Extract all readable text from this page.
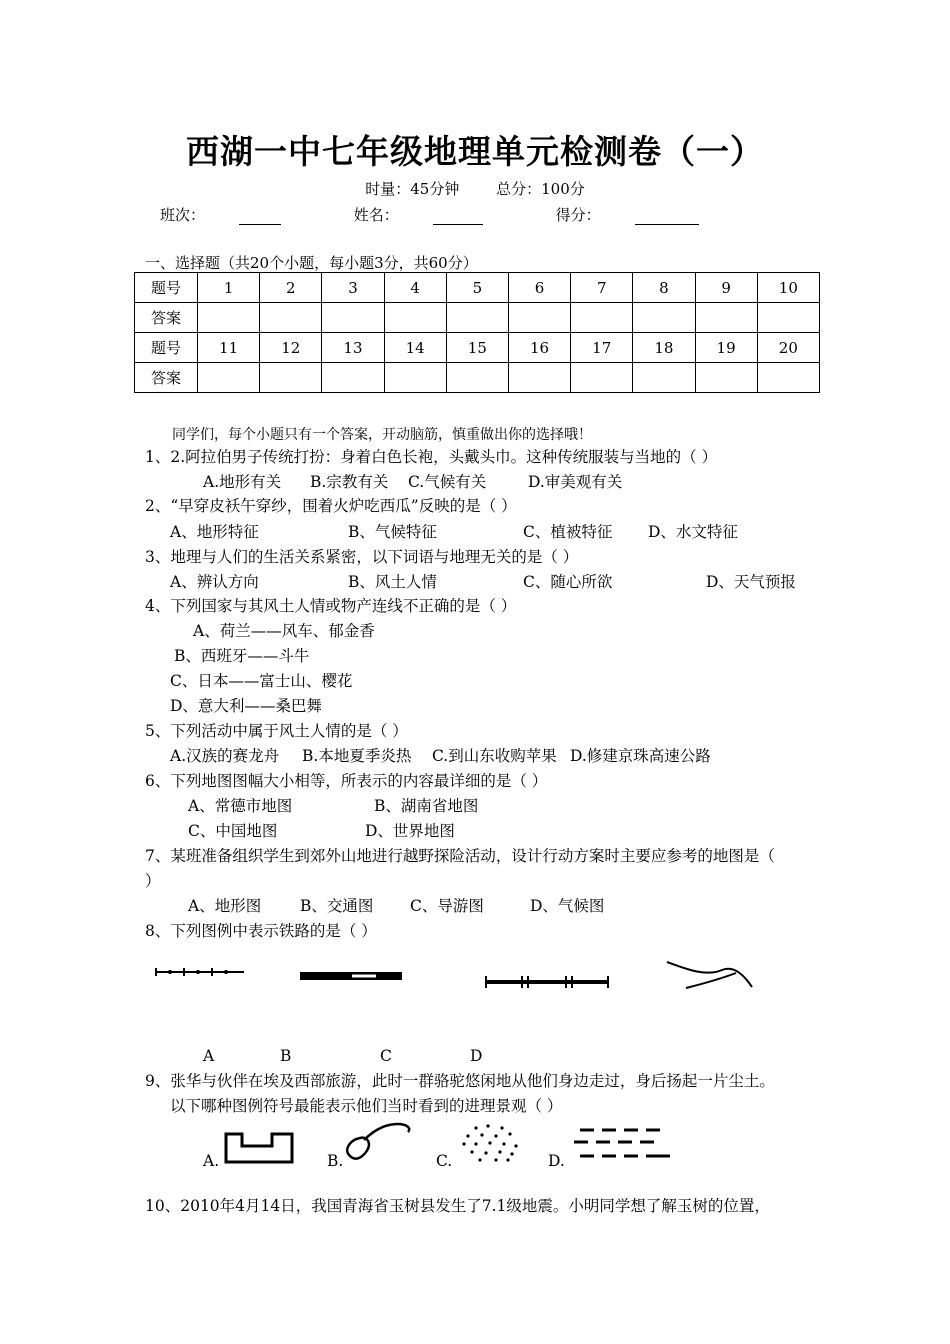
西湖一中七年级地理单元检测卷（一）
时量：45分钟 总分：100分
班次：	姓名：	得分：
一、选择题（共20个小题，每小题3分，共60分）
题号	1	2	3	4	5	6	7	8	9	10
答案										
题号	11	12	13	14	15	16	17	18	19	20
答案										
同学们，每个小题只有一个答案，开动脑筋，慎重做出你的选择哦！
1、2.阿拉伯男子传统打扮：身着白色长袍，头戴头巾。这种传统服装与当地的（ ）
A.地形有关 B.宗教有关 C.气候有关	D.审美观有关
2、“早穿皮袄午穿纱，围着火炉吃西瓜”反映的是（ ）
A、地形特征	B、气候特征	C、植被特征 D、水文特征
3、地理与人们的生活关系紧密，以下词语与地理无关的是（ ）
A、辨认方向	B、风土人情	C、随心所欲	D、天气预报
4、下列国家与其风土人情或物产连线不正确的是（ ）
A、荷兰——风车、郁金香
B、西班牙——斗牛
C、日本——富士山、樱花
D、意大利——桑巴舞
5、下列活动中属于风土人情的是（ ）
A.汉族的赛龙舟 B.本地夏季炎热 C.到山东收购苹果 D.修建京珠高速公路
6、下列地图图幅大小相等，所表示的内容最详细的是（ ）
A、常德市地图	B、湖南省地图
C、中国地图	D、世界地图
7、某班准备组织学生到郊外山地进行越野探险活动，设计行动方案时主要应参考的地图是（
）
A、地形图	B、交通图 C、导游图	D、气候图
8、下列图例中表示铁路的是（ ）
A	B	C	D
9、张华与伙伴在埃及西部旅游，此时一群骆驼悠闲地从他们身边走过，身后扬起一片尘土。
以下哪种图例符号最能表示他们当时看到的进理景观（ ）
A.	B.	C.	D.
10、2010年4月14日，我国青海省玉树县发生了7.1级地震。小明同学想了解玉树的位置，
